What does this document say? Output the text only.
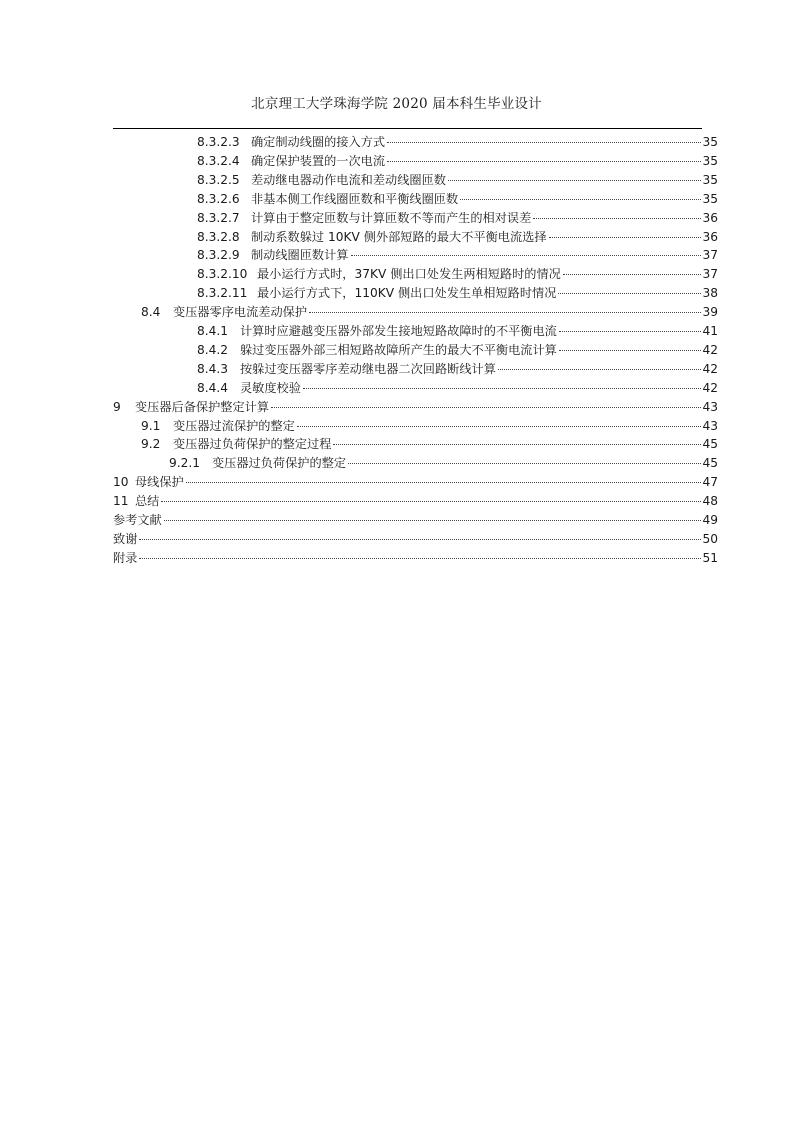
北京理工大学珠海学院 2020 届本科生毕业设计
8.3.2.3 确定制动线圈的接入方式	35
8.3.2.4 确定保护装置的一次电流	35
8.3.2.5 差动继电器动作电流和差动线圈匝数	35
8.3.2.6 非基本侧工作线圈匝数和平衡线圈匝数	35
8.3.2.7 计算由于整定匝数与计算匝数不等而产生的相对误差	36
8.3.2.8 制动系数躲过 10KV 侧外部短路的最大不平衡电流选择	36
8.3.2.9 制动线圈匝数计算	37
8.3.2.10 最小运行方式时，37KV 侧出口处发生两相短路时的情况	37
8.3.2.11 最小运行方式下，110KV 侧出口处发生单相短路时情况	38
8.4	变压器零序电流差动保护	39
8.4.1 计算时应避越变压器外部发生接地短路故障时的不平衡电流	41
8.4.2 躲过变压器外部三相短路故障所产生的最大不平衡电流计算	42
8.4.3 按躲过变压器零序差动继电器二次回路断线计算	42
8.4.4 灵敏度校验	42
9	变压器后备保护整定计算	43
9.1	变压器过流保护的整定	43
9.2	变压器过负荷保护的整定过程	45
9.2.1 变压器过负荷保护的整定	45
10 母线保护	47
11 总结	48
参考文献	49
致谢	50
附录	51
